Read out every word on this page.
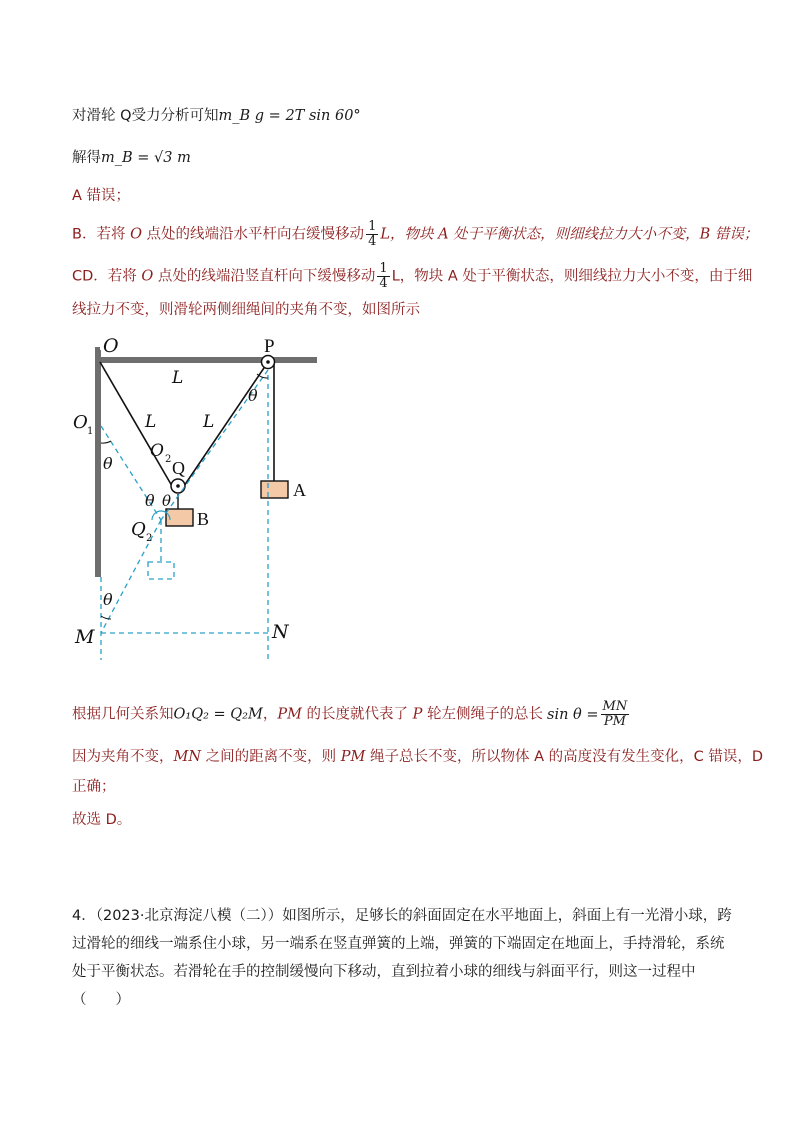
对滑轮 Q受力分析可知m_B g = 2T sin 60°
解得m_B = √3 m
A 错误；
B．若将 O 点处的线端沿水平杆向右缓慢移动 $\frac{1}{4}$ L，物块 A 处于平衡状态，则细线拉力大小不变，B 错误；
CD．若将 O 点处的线端沿竖直杆向下缓慢移动 $\frac{1}{4}$ L，物块 A 处于平衡状态，则细线拉力大小不变，由于细
线拉力不变，则滑轮两侧细绳间的夹角不变，如图所示
O
L
L	L
O 1
θ
O 2
θ
θ θ
Q 2
θ
M	N
P
Q
B
A
根据几何关系知O₁Q₂ = Q₂M，PM 的长度就代表了 P 轮左侧绳子的总长 $\sin \theta = \frac{MN}{PM}$
因为夹角不变，MN 之间的距离不变，则 PM 绳子总长不变，所以物体 A 的高度没有发生变化，C 错误，D
正确；
故选 D。
4．（2023·北京海淀八模（二））如图所示，足够长的斜面固定在水平地面上，斜面上有一光滑小球，跨过滑轮的细线一端系住小球，另一端系在竖直弹簧的上端，弹簧的下端固定在地面上，手持滑轮，系统处于平衡状态。若滑轮在手的控制缓慢向下移动，直到拉着小球的细线与斜面平行，则这一过程中（　　）
